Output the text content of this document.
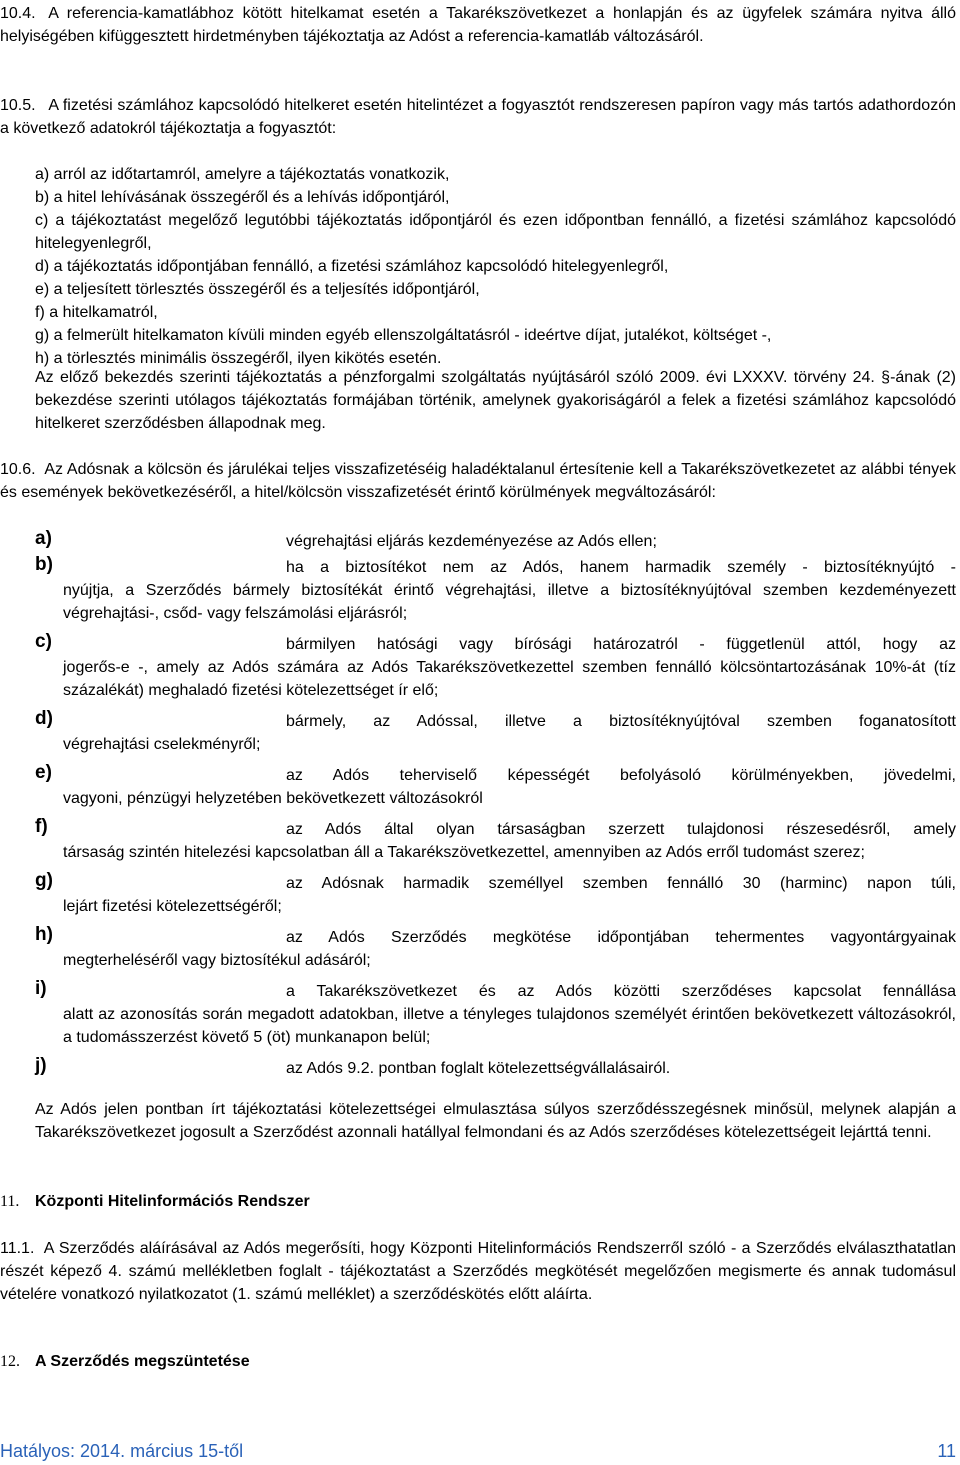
10.4. A referencia-kamatlábhoz kötött hitelkamat esetén a Takarékszövetkezet a honlapján és az ügyfelek számára nyitva álló helyiségében kifüggesztett hirdetményben tájékoztatja az Adóst a referencia-kamatláb változásáról.

10.5. A fizetési számlához kapcsolódó hitelkeret esetén hitelintézet a fogyasztót rendszeresen papíron vagy más tartós adathordozón a következő adatokról tájékoztatja a fogyasztót:

a) arról az időtartamról, amelyre a tájékoztatás vonatkozik,
b) a hitel lehívásának összegéről és a lehívás időpontjáról,
c) a tájékoztatást megelőző legutóbbi tájékoztatás időpontjáról és ezen időpontban fennálló, a fizetési számlához kapcsolódó hitelegyenlegről,
d) a tájékoztatás időpontjában fennálló, a fizetési számlához kapcsolódó hitelegyenlegről,
e) a teljesített törlesztés összegéről és a teljesítés időpontjáról,
f) a hitelkamatról,
g) a felmerült hitelkamaton kívüli minden egyéb ellenszolgáltatásról - ideértve díjat, jutalékot, költséget -,
h) a törlesztés minimális összegéről, ilyen kikötés esetén.

Az előző bekezdés szerinti tájékoztatás a pénzforgalmi szolgáltatás nyújtásáról szóló 2009. évi LXXXV. törvény 24. §-ának (2) bekezdése szerinti utólagos tájékoztatás formájában történik, amelynek gyakoriságáról a felek a fizetési számlához kapcsolódó hitelkeret szerződésben állapodnak meg.

10.6. Az Adósnak a kölcsön és járulékai teljes visszafizetéséig haladéktalanul értesítenie kell a Takarékszövetkezetet az alábbi tények és események bekövetkezéséről, a hitel/kölcsön visszafizetését érintő körülmények megváltozásáról:

a)	végrehajtási eljárás kezdeményezése az Adós ellen;
b)	ha a biztosítékot nem az Adós, hanem harmadik személy - biztosítéknyújtó -
nyújtja, a Szerződés bármely biztosítékát érintő végrehajtási, illetve a biztosítéknyújtóval szemben kezdeményezett végrehajtási-, csőd- vagy felszámolási eljárásról;
c)	bármilyen hatósági vagy bírósági határozatról - függetlenül attól, hogy az
jogerős-e -, amely az Adós számára az Adós Takarékszövetkezettel szemben fennálló kölcsöntartozásának 10%-át (tíz százalékát) meghaladó fizetési kötelezettséget ír elő;
d)	bármely, az Adóssal, illetve a biztosítéknyújtóval szemben foganatosított
végrehajtási cselekményről;
e)	az Adós teherviselő képességét befolyásoló körülményekben, jövedelmi,
vagyoni, pénzügyi helyzetében bekövetkezett változásokról
f)	az Adós által olyan társaságban szerzett tulajdonosi részesedésről, amely
társaság szintén hitelezési kapcsolatban áll a Takarékszövetkezettel, amennyiben az Adós erről tudomást szerez;
g)	az Adósnak harmadik személlyel szemben fennálló 30 (harminc) napon túli,
lejárt fizetési kötelezettségéről;
h)	az Adós Szerződés megkötése időpontjában tehermentes vagyontárgyainak
megterheléséről vagy biztosítékul adásáról;
i)	a Takarékszövetkezet és az Adós közötti szerződéses kapcsolat fennállása
alatt az azonosítás során megadott adatokban, illetve a tényleges tulajdonos személyét érintően bekövetkezett változásokról, a tudomásszerzést követő 5 (öt) munkanapon belül;
j)	az Adós 9.2. pontban foglalt kötelezettségvállalásairól.

Az Adós jelen pontban írt tájékoztatási kötelezettségei elmulasztása súlyos szerződésszegésnek minősül, melynek alapján a Takarékszövetkezet jogosult a Szerződést azonnali hatállyal felmondani és az Adós szerződéses kötelezettségeit lejárttá tenni.

11. Központi Hitelinformációs Rendszer

11.1. A Szerződés aláírásával az Adós megerősíti, hogy Központi Hitelinformációs Rendszerről szóló - a Szerződés elválaszthatatlan részét képező 4. számú mellékletben foglalt - tájékoztatást a Szerződés megkötését megelőzően megismerte és annak tudomásul vételére vonatkozó nyilatkozatot (1. számú melléklet) a szerződéskötés előtt aláírta.

12. A Szerződés megszüntetése
Hatályos: 2014. március 15-től	11
